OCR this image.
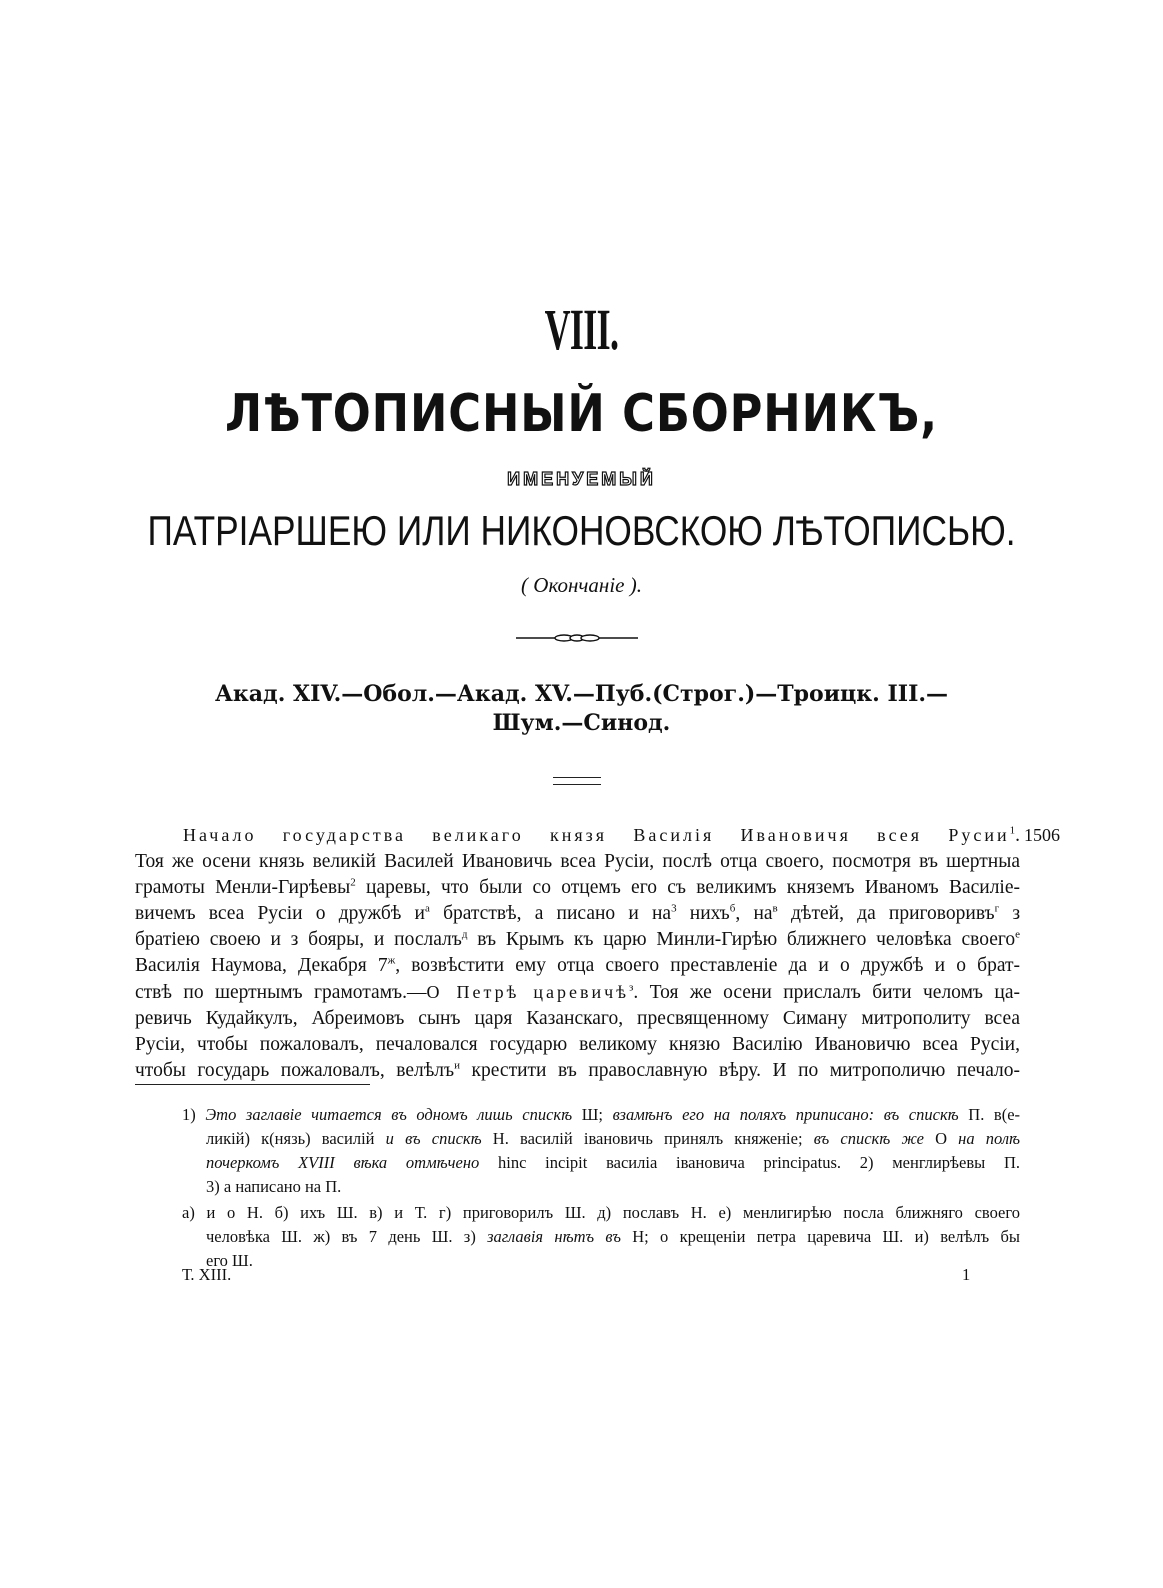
VIII.
ЛѢТОПИСНЫЙ СБОРНИКЪ,
ИМЕНУЕМЫЙ
ПАТРІАРШЕЮ ИЛИ НИКОНОВСКОЮ ЛѢТОПИСЬЮ.
( Окончаніе ).
Акад. XIV.—Обол.—Акад. XV.—Пуб.(Строг.)—Троицк. III.—
Шум.—Синод.
1506
Начало государства великаго князя Василія Ивановичя всея Русии$^1$.
Тоя же осени князь великій Василей Ивановичь всеа Русіи, послѣ отца своего, посмотря въ шертныа
грамоты Менли-Гирѣевы$^2$ царевы, что были со отцемъ его съ великимъ княземъ Иваномъ Василіе-
вичемъ всеа Русіи о дружбѣ $и^а$ братствѣ, а писано и $на^3$ нихъ$^б$, $на^в$ дѣтей, да приговоривъ$^г$ з
братіею своею и з бояры, и послалъ$^д$ въ Крымъ къ царю Минли-Гирѣю ближнего человѣка своего$^е$
Василія Наумова, Декабря $7^ж$, возвѣстити ему отца своего преставленіе да и о дружбѣ и о брат-
ствѣ по шертнымъ грамотамъ.—О Петрѣ царевичѣ$^з$. Тоя же осени прислалъ бити челомъ ца-
ревичь Кудайкулъ, Абреимовъ сынъ царя Казанскаго, пресвященному Симану митрополиту всеа
Русіи, чтобы пожаловалъ, печаловался государю великому князю Василію Ивановичю всеа Русіи,
чтобы государь пожаловалъ, велѣлъ$^и$ крестити въ православную вѣру. И по митрополичю печало-
1) Это заглавіе читается въ одномъ лишь спискѣ Ш; взамѣнъ его на поляхъ приписано: въ спискѣ П. в(е-
ликій) к(нязь) василій и въ спискѣ Н. василій івановичь принялъ княженіе; въ спискѣ же О на полѣ
почеркомъ XVIII вѣка отмѣчено hinc incipit василіа івановича principatus. 2) менглирѣевы П.
3) а написано на П.
а) и о Н. б) ихъ Ш. в) и Т. г) приговорилъ Ш. д) пославъ Н. е) менлигирѣю посла ближняго своего
человѣка Ш. ж) въ 7 день Ш. з) заглавія нѣтъ въ Н; о крещеніи петра царевича Ш. и) велѣлъ бы
его Ш.
Т. XIII.	1
